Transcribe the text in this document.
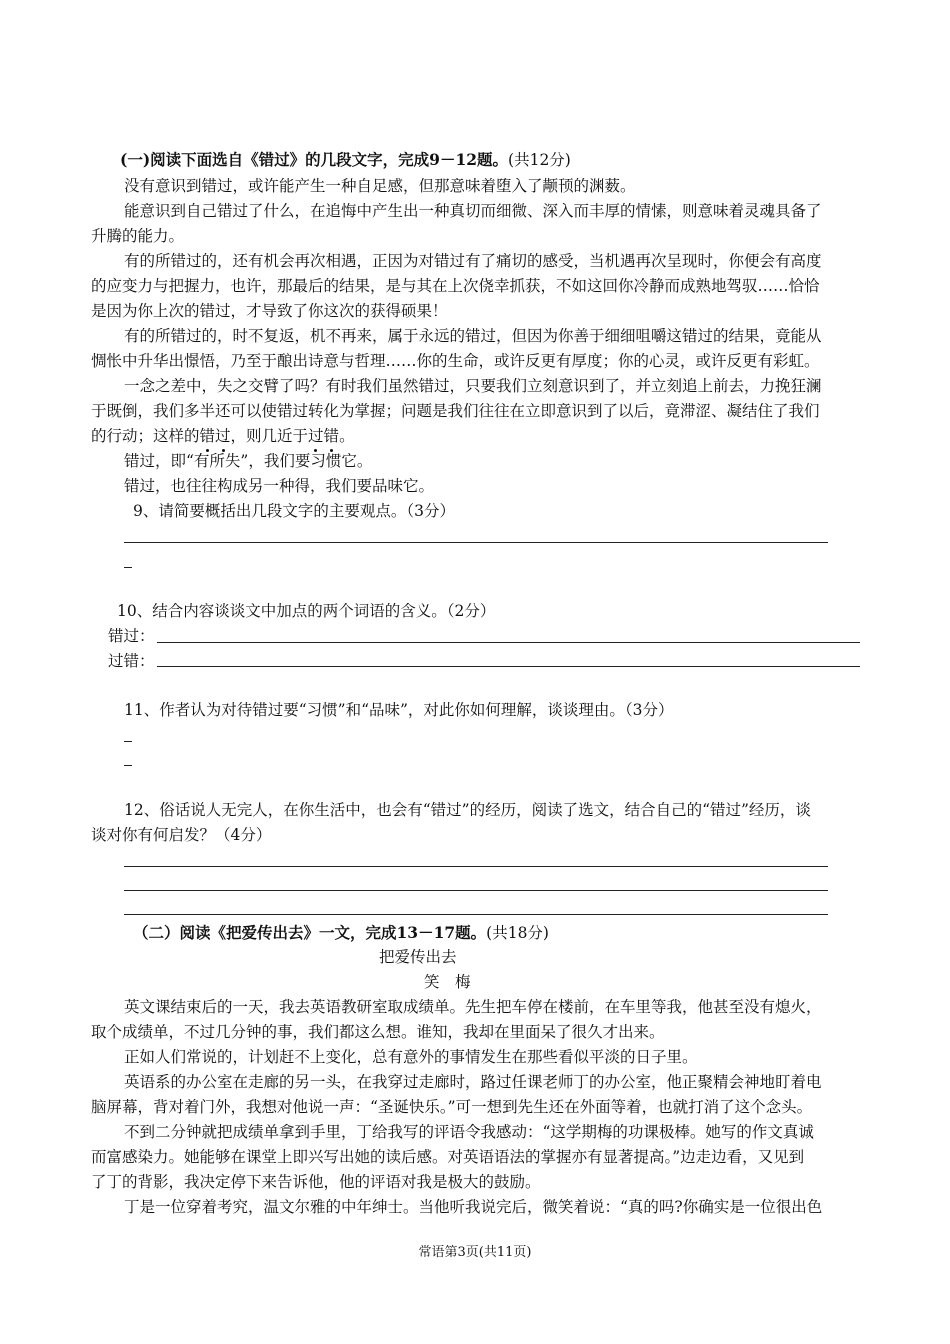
(一)阅读下面选自《错过》的几段文字，完成9－12题。(共12分)
没有意识到错过，或许能产生一种自足感，但那意味着堕入了颟顸的渊薮。
能意识到自己错过了什么，在追悔中产生出一种真切而细微、深入而丰厚的情愫，则意味着灵魂具备了
升腾的能力。
有的所错过的，还有机会再次相遇，正因为对错过有了痛切的感受，当机遇再次呈现时，你便会有高度
的应变力与把握力，也许，那最后的结果，是与其在上次侥幸抓获，不如这回你冷静而成熟地驾驭……恰恰
是因为你上次的错过，才导致了你这次的获得硕果！
有的所错过的，时不复返，机不再来，属于永远的错过，但因为你善于细细咀嚼这错过的结果，竟能从
惆怅中升华出憬悟，乃至于酿出诗意与哲理……你的生命，或许反更有厚度；你的心灵，或许反更有彩虹。
一念之差中，失之交臂了吗？有时我们虽然错过，只要我们立刻意识到了，并立刻追上前去，力挽狂澜
于既倒，我们多半还可以使错过转化为掌握；问题是我们往往在立即意识到了以后，竟滞涩、凝结住了我们
的行动；这样的错过
，则几近于过错
。
错过，即“有所失”，我们要习惯它。
错过，也往往构成另一种得，我们要品味它。
9、请简要概括出几段文字的主要观点。（3分）
10、结合内容谈谈文中加点的两个词语的含义。（2分）
错过：
过错：
11、作者认为对待错过要“习惯”和“品味”，对此你如何理解，谈谈理由。（3分）
12、俗话说人无完人，在你生活中，也会有“错过”的经历，阅读了选文，结合自己的“错过”经历，谈
谈对你有何启发？（4分）
（二）阅读《把爱传出去》一文，完成13－17题。(共18分)
把爱传出去
笑　梅
英文课结束后的一天，我去英语教研室取成绩单。先生把车停在楼前，在车里等我，他甚至没有熄火，
取个成绩单，不过几分钟的事，我们都这么想。谁知，我却在里面呆了很久才出来。
正如人们常说的，计划赶不上变化，总有意外的事情发生在那些看似平淡的日子里。
英语系的办公室在走廊的另一头，在我穿过走廊时，路过任课老师丁的办公室，他正聚精会神地盯着电
脑屏幕，背对着门外，我想对他说一声：“圣诞快乐。”可一想到先生还在外面等着，也就打消了这个念头。
不到二分钟就把成绩单拿到手里，丁给我写的评语令我感动：“这学期梅的功课极棒。她写的作文真诚
而富感染力。她能够在课堂上即兴写出她的读后感。对英语语法的掌握亦有显著提高。”边走边看，又见到
了丁的背影，我决定停下来告诉他，他的评语对我是极大的鼓励。
丁是一位穿着考究，温文尔雅的中年绅士。当他听我说完后，微笑着说：“真的吗?你确实是一位很出色
常语第3页(共11页)
